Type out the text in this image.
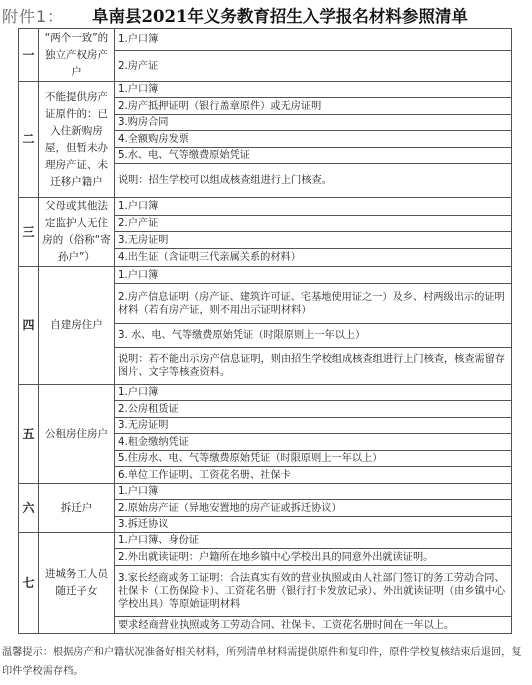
附件1： 阜南县2021年义务教育招生入学报名材料参照清单
一	“两个一致”的独立产权房产户	1.户口簿
		2.房产证
二	不能提供房产证原件的：已入住新购房屋，但暂未办理房产证、未迁移户籍户	1.户口簿
		2.房产抵押证明（银行盖章原件）或无房证明
		3.购房合同
		4.全额购房发票
		5.水、电、气等缴费原始凭证
		说明：招生学校可以组成核查组进行上门核查。
三	父母或其他法定监护人无住房的（俗称“寄孙户”）	1.户口簿
		2.户产证
		3.无房证明
		4.出生证（含证明三代亲属关系的材料）
四	自建房住户	1.户口簿
		2.房产信息证明（房产证、建筑许可证、宅基地使用证之一）及乡、村两级出示的证明材料（若有房产证，则不用出示证明材料）
		3. 水、电、气等缴费原始凭证（时限原则上一年以上）
		说明：若不能出示房产信息证明，则由招生学校组成核查组进行上门核查，核查需留存图片、文字等核查资料。
五	公租房住房户	1.户口簿
		2.公房租赁证
		3.无房证明
		4.租金缴纳凭证
		5.住房水、电、气等缴费原始凭证（时限原则上一年以上）
		6.单位工作证明、工资花名册、社保卡
六	拆迁户	1.户口簿
		2.原始房产证（异地安置地的房产证或拆迁协议）
		3.拆迁协议
七	进城务工人员随迁子女	1.户口簿、身份证
		2.外出就读证明：户籍所在地乡镇中心学校出具的同意外出就读证明。
		3.家长经商或务工证明：合法真实有效的营业执照或由人社部门签订的务工劳动合同、社保卡（工伤保险卡）、工资花名册（银行打卡发放记录）、外出就读证明（由乡镇中心学校出具）等原始证明材料
		要求经商营业执照或务工劳动合同、社保卡、工资花名册时间在一年以上。
温馨提示：根据房产和户籍状况准备好相关材料，所列清单材料需提供原件和复印件，原件学校复核结束后退回，复印件学校需存档。
